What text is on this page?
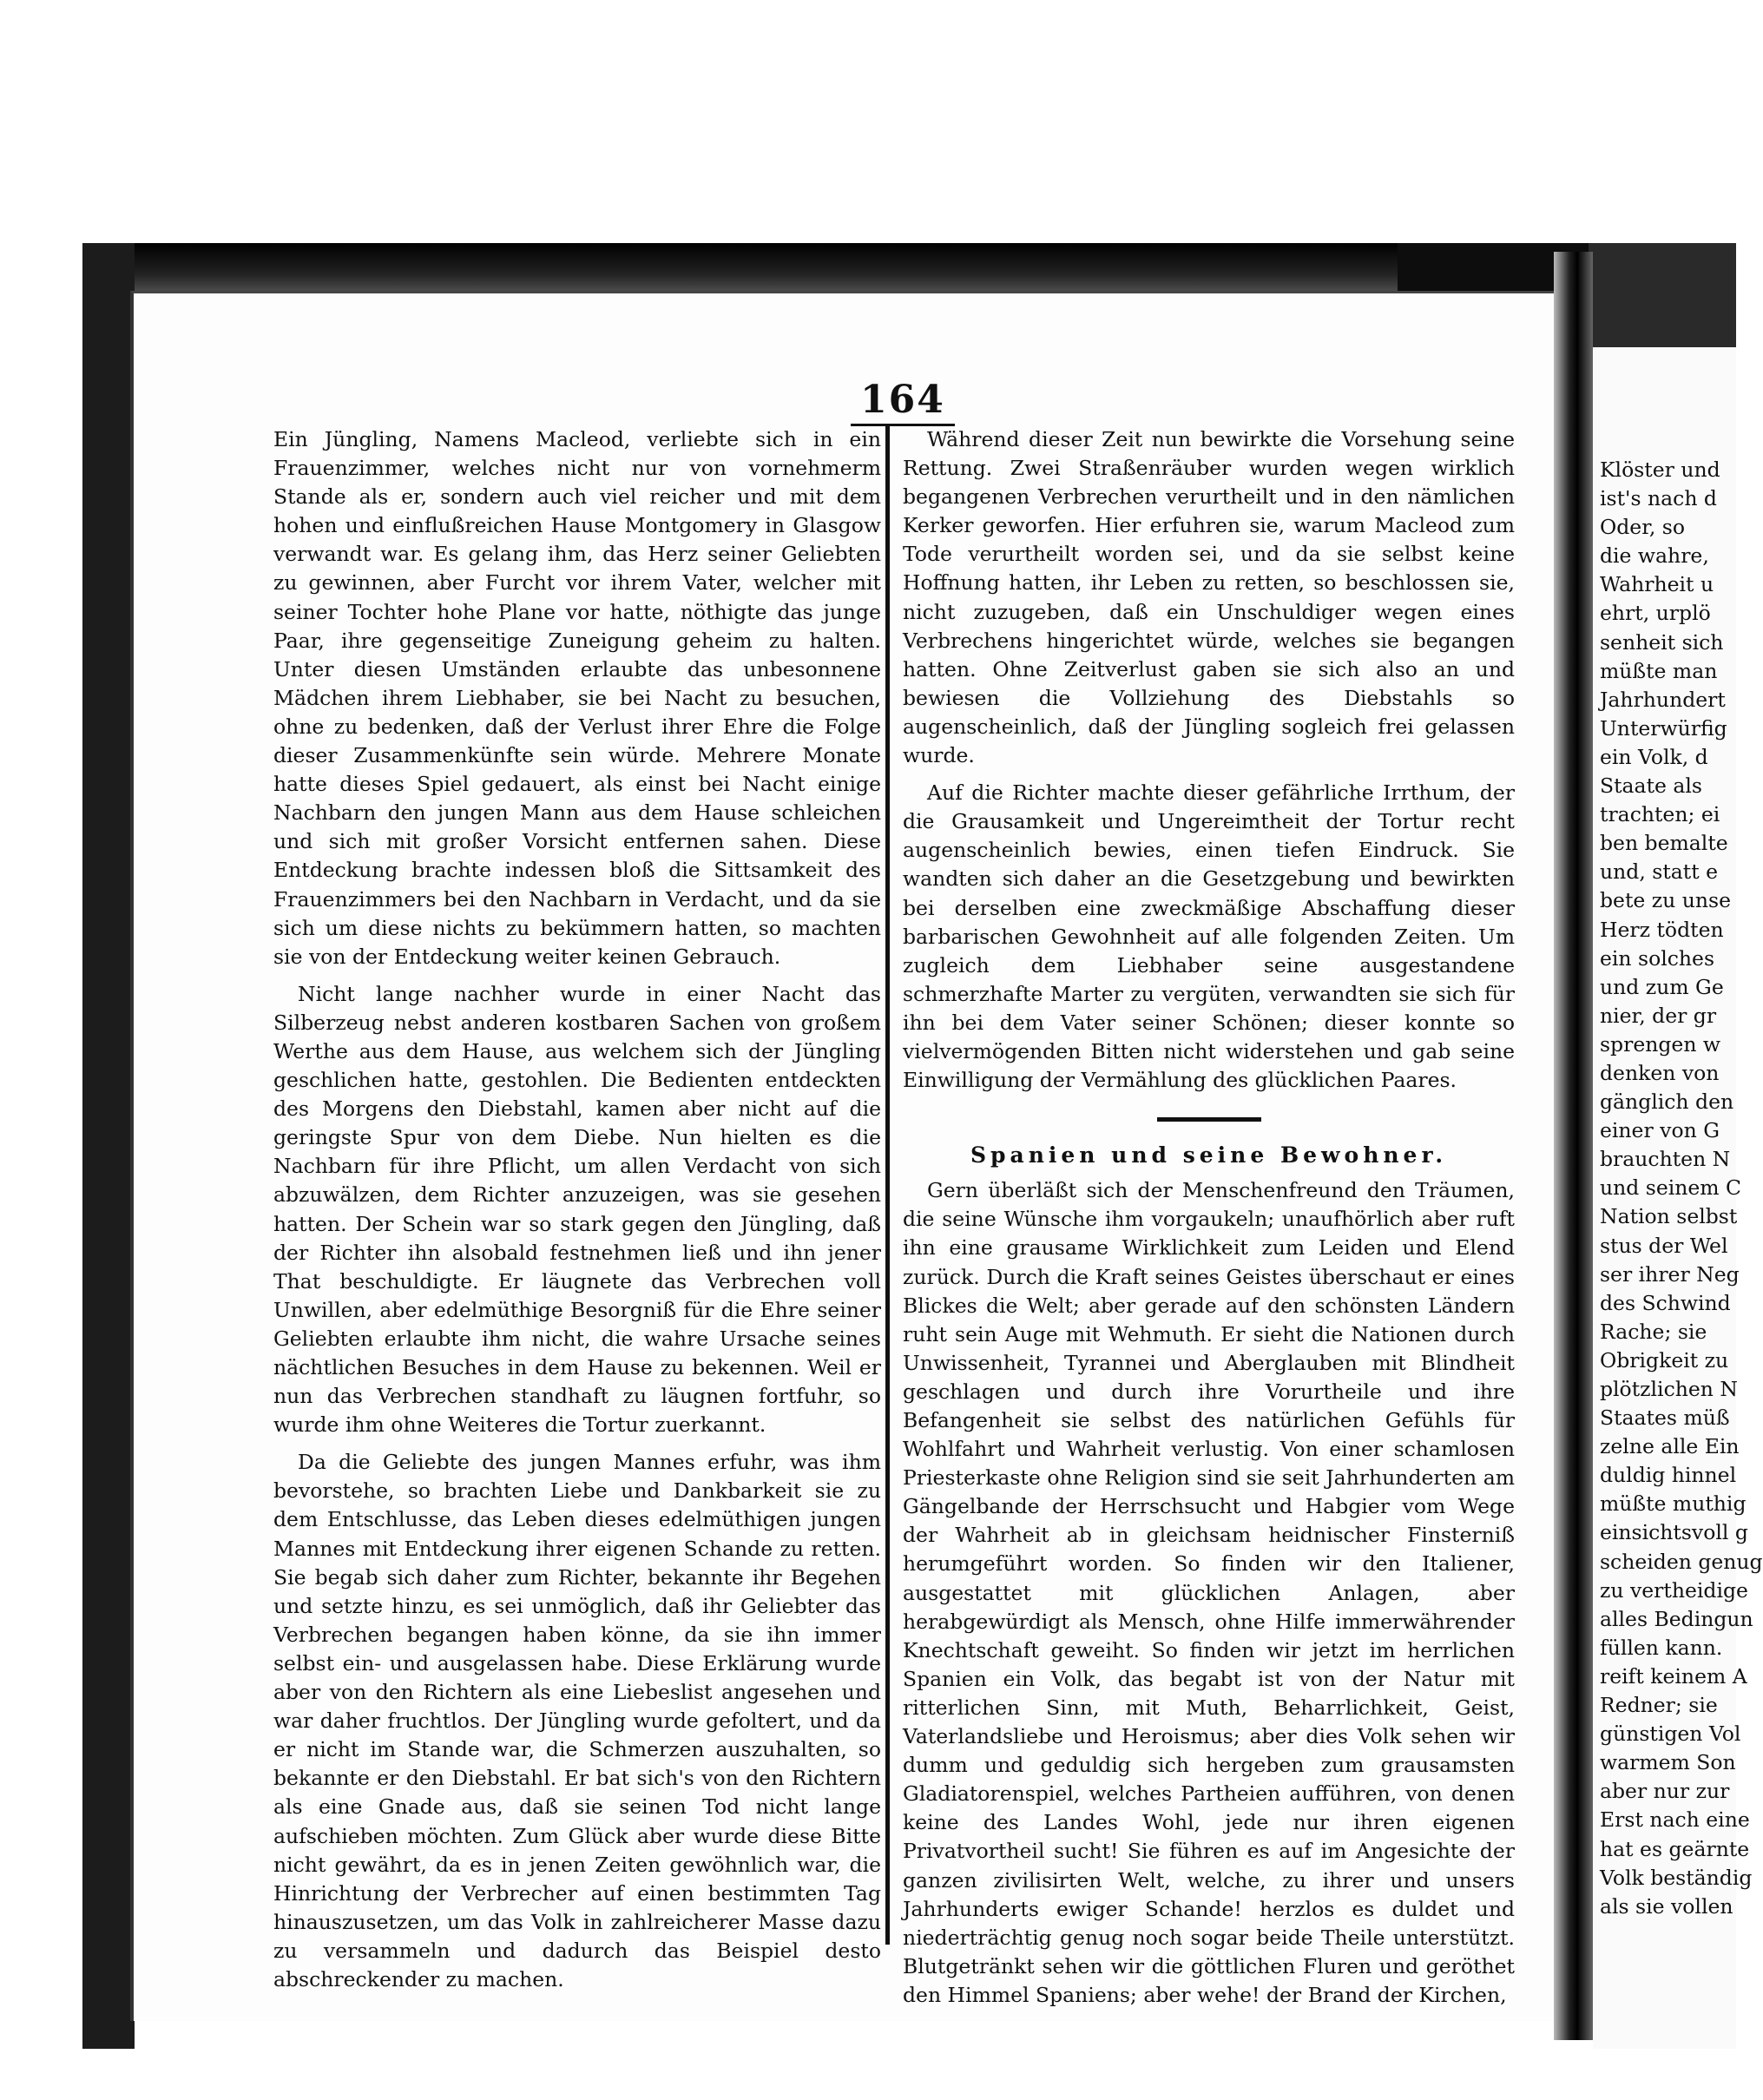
164

Ein Jüngling, Namens Macleod, verliebte sich in ein Frauenzimmer, welches nicht nur von vornehmerm Stande als er, sondern auch viel reicher und mit dem hohen und einflußreichen Hause Montgomery in Glasgow verwandt war. Es gelang ihm, das Herz seiner Geliebten zu gewinnen, aber Furcht vor ihrem Vater, welcher mit seiner Tochter hohe Plane vor hatte, nöthigte das junge Paar, ihre gegenseitige Zuneigung geheim zu halten. Unter diesen Umständen erlaubte das unbesonnene Mädchen ihrem Liebhaber, sie bei Nacht zu besuchen, ohne zu bedenken, daß der Verlust ihrer Ehre die Folge dieser Zusammenkünfte sein würde. Mehrere Monate hatte dieses Spiel gedauert, als einst bei Nacht einige Nachbarn den jungen Mann aus dem Hause schleichen und sich mit großer Vorsicht entfernen sahen. Diese Entdeckung brachte indessen bloß die Sittsamkeit des Frauenzimmers bei den Nachbarn in Verdacht, und da sie sich um diese nichts zu bekümmern hatten, so machten sie von der Entdeckung weiter keinen Gebrauch.

Nicht lange nachher wurde in einer Nacht das Silberzeug nebst anderen kostbaren Sachen von großem Werthe aus dem Hause, aus welchem sich der Jüngling geschlichen hatte, gestohlen. Die Bedienten entdeckten des Morgens den Diebstahl, kamen aber nicht auf die geringste Spur von dem Diebe. Nun hielten es die Nachbarn für ihre Pflicht, um allen Verdacht von sich abzuwälzen, dem Richter anzuzeigen, was sie gesehen hatten. Der Schein war so stark gegen den Jüngling, daß der Richter ihn alsobald festnehmen ließ und ihn jener That beschuldigte. Er läugnete das Verbrechen voll Unwillen, aber edelmüthige Besorgniß für die Ehre seiner Geliebten erlaubte ihm nicht, die wahre Ursache seines nächtlichen Besuches in dem Hause zu bekennen. Weil er nun das Verbrechen standhaft zu läugnen fortfuhr, so wurde ihm ohne Weiteres die Tortur zuerkannt.

Da die Geliebte des jungen Mannes erfuhr, was ihm bevorstehe, so brachten Liebe und Dankbarkeit sie zu dem Entschlusse, das Leben dieses edelmüthigen jungen Mannes mit Entdeckung ihrer eigenen Schande zu retten. Sie begab sich daher zum Richter, bekannte ihr Begehen und setzte hinzu, es sei unmöglich, daß ihr Geliebter das Verbrechen begangen haben könne, da sie ihn immer selbst ein- und ausgelassen habe. Diese Erklärung wurde aber von den Richtern als eine Liebeslist angesehen und war daher fruchtlos. Der Jüngling wurde gefoltert, und da er nicht im Stande war, die Schmerzen auszuhalten, so bekannte er den Diebstahl. Er bat sich's von den Richtern als eine Gnade aus, daß sie seinen Tod nicht lange aufschieben möchten. Zum Glück aber wurde diese Bitte nicht gewährt, da es in jenen Zeiten gewöhnlich war, die Hinrichtung der Verbrecher auf einen bestimmten Tag hinauszusetzen, um das Volk in zahlreicherer Masse dazu zu versammeln und dadurch das Beispiel desto abschreckender zu machen.

Während dieser Zeit nun bewirkte die Vorsehung seine Rettung. Zwei Straßenräuber wurden wegen wirklich begangenen Verbrechen verurtheilt und in den nämlichen Kerker geworfen. Hier erfuhren sie, warum Macleod zum Tode verurtheilt worden sei, und da sie selbst keine Hoffnung hatten, ihr Leben zu retten, so beschlossen sie, nicht zuzugeben, daß ein Unschuldiger wegen eines Verbrechens hingerichtet würde, welches sie begangen hatten. Ohne Zeitverlust gaben sie sich also an und bewiesen die Vollziehung des Diebstahls so augenscheinlich, daß der Jüngling sogleich frei gelassen wurde.

Auf die Richter machte dieser gefährliche Irrthum, der die Grausamkeit und Ungereimtheit der Tortur recht augenscheinlich bewies, einen tiefen Eindruck. Sie wandten sich daher an die Gesetzgebung und bewirkten bei derselben eine zweckmäßige Abschaffung dieser barbarischen Gewohnheit auf alle folgenden Zeiten. Um zugleich dem Liebhaber seine ausgestandene schmerzhafte Marter zu vergüten, verwandten sie sich für ihn bei dem Vater seiner Schönen; dieser konnte so vielvermögenden Bitten nicht widerstehen und gab seine Einwilligung der Vermählung des glücklichen Paares.

Spanien und seine Bewohner.

Gern überläßt sich der Menschenfreund den Träumen, die seine Wünsche ihm vorgaukeln; unaufhörlich aber ruft ihn eine grausame Wirklichkeit zum Leiden und Elend zurück. Durch die Kraft seines Geistes überschaut er eines Blickes die Welt; aber gerade auf den schönsten Ländern ruht sein Auge mit Wehmuth. Er sieht die Nationen durch Unwissenheit, Tyrannei und Aberglauben mit Blindheit geschlagen und durch ihre Vorurtheile und ihre Befangenheit sie selbst des natürlichen Gefühls für Wohlfahrt und Wahrheit verlustig. Von einer schamlosen Priesterkaste ohne Religion sind sie seit Jahrhunderten am Gängelbande der Herrschsucht und Habgier vom Wege der Wahrheit ab in gleichsam heidnischer Finsterniß herumgeführt worden. So finden wir den Italiener, ausgestattet mit glücklichen Anlagen, aber herabgewürdigt als Mensch, ohne Hilfe immerwährender Knechtschaft geweiht. So finden wir jetzt im herrlichen Spanien ein Volk, das begabt ist von der Natur mit ritterlichen Sinn, mit Muth, Beharrlichkeit, Geist, Vaterlandsliebe und Heroismus; aber dies Volk sehen wir dumm und geduldig sich hergeben zum grausamsten Gladiatorenspiel, welches Partheien aufführen, von denen keine des Landes Wohl, jede nur ihren eigenen Privatvortheil sucht! Sie führen es auf im Angesichte der ganzen zivilisirten Welt, welche, zu ihrer und unsers Jahrhunderts ewiger Schande! herzlos es duldet und niederträchtig genug noch sogar beide Theile unterstützt. Blutgetränkt sehen wir die göttlichen Fluren und geröthet den Himmel Spaniens; aber wehe! der Brand der Kirchen,

Klöster und
ist's nach d
Oder, so
die wahre,
Wahrheit u
ehrt, urplö
senheit sich
müßte man
Jahrhundert
Unterwürfig
ein Volk, d
Staate als
trachten; ei
ben bemalte
und, statt e
bete zu unse
Herz tödten
ein solches
und zum Ge
nier, der gr
sprengen w
denken von
gänglich den
einer von G
brauchten N
und seinem C
Nation selbst
stus der Wel
ser ihrer Neg
des Schwind
Rache; sie
Obrigkeit zu
plötzlichen N
Staates müß
zelne alle Ein
duldig hinnel
müßte muthig
einsichtsvoll g
scheiden genug
zu vertheidige
alles Bedingun
füllen kann.
reift keinem A
Redner; sie
günstigen Vol
warmem Son
aber nur zur
Erst nach eine
hat es geärnte
Volk beständig
als sie vollen
